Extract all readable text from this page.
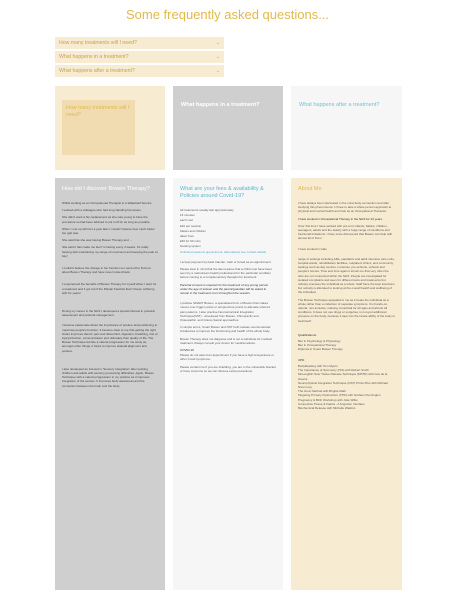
Some frequently asked questions...
How many treatments will I need?	⌄
What happens in a treatment?	⌄
What happens after a treatment?	⌄
How many treatments will I need?
What happens in a treatment?	What happens after a treatment?
How did I discover Bowen Therapy?

Whilst working as an Occupational Therapist in a Wakefield Service

I worked with a colleague who had long standing hip issues.

She didn't want a hip replacement as she was young to have the procedure so had been advised to put it off for as long as possible.

When I met up with her a year later I couldn't believe how much better her gait was.

She said that she was having Bowen Therapy and ...

She said it has made me feel I'm having every 4 weeks. It's really helping with maintaining my range of movement and keeping the pain at bay!

I couldn't believe the change in her function so I went off to find out about Bowen Therapy and have never looked back.

I experienced the benefits of Bowen Therapy for myself when I went for a treatment and it got rid of the Plantar Fasciitis that I'd been suffering with for years!

During my career in the NHS I developed a special interest in postural assessment and postural management.

I became passionate about the importance of posture and positioning to maximise people's function. It became clear to me that getting the right chairs improves clients' pain and discomfort, digestion, breathing, risk of injury/infection, communication and ultimately their quality of life. The Bowen Technique felt like a natural progression for me study as, amongst other things, it helps to improve skeletal alignment and posture.

I also developed an interest in 'Sensory Integration' after working children and adults with sensory processing difficulties. Again, Bowen Technique with a natural progression in my practice as it improves integration of the senses. It improves body awareness and the connection between the brain and the body.

What are your fees & availability & Policies around Covid-19?

All treatments usually last approximately

15 minutes

each cost

£40 per session

babies and children

taken from

£60 for 90 mins

booking system

Unlimited sessions appointment. Alternatively see contact details

I accept payment by bank transfer, cash or bowel as an appointment.

Please bear in mind that the law requires that a child must have been seen by a mainstream health professional for the particular condition before coming to a complementary therapist for treatment.

Parental consent is required for the treatment of any young person under the age of sixteen and the parent/guardian will be asked to remain in the treatment room throughout the session.

I practise SMART Bowen, a specialised form of Bowen that makes moves over trigger points or acupuncture points to alleviate referred pain patterns. I also practise Neurostructural Integration Technique(NST) - developed from Bowen, Chiropractic and Osteopathic, and Cranio-Sacral approaches.

In simple terms, Smart Bowen and NST both release neuromuscular imbalances to improve the functioning and health of the whole body.

Bowen Therapy does not diagnose and is not a substitute for medical treatment. Always consult your doctor for medical advice.

COVID-19

Please do not attend an appointment if you have a high temperature or other Covid symptoms.

Please contact me if you are shielding, you are in the vulnerable bracket or have concerns so we can discuss extra precautions.

About Me

I have always been fascinated in the mind-body connection and after studying this phenomenon I chose to take a whole person approach to physical and mental health and train as an Occupational Therapist.

I have worked in Occupational Therapy in the NHS for 24 years.

Over this time I have worked with pre-term infants, babies, children, teenagers, adults and the elderly with a huge range of conditions and functional limitations. I have since discovered that Bowen can help with almost all of them.

I have worked in wide

range of settings including A&E, paediatric and adult intensive care units, hospital wards, rehabilitation facilities, outpatient clinics, and community settings such as day centres, nurseries, pre-schools, schools and people's homes. Time and time again it struck me that very often the dots are not connected within the NHS. People are investigated for isolated complaints and seen for different tests and treatments but nobody oversees the individual as a whole. Staff have the best intentions but nobody is allocated to looking at the overall health and wellbeing of the individual.

The Bowen Technique appealed to me as it treats the individual as a whole rather than a collection of separate symptoms. It is hands-on, natural, non-invasive, relaxing, beneficial for all ages and almost all conditions. It does not use drugs or surgeries, is non-put additional pressure on the body, because it taps into the innate ability of the body to heal itself.

Qualifications:

Bsc in Psychology & Physiology
Bsc in Occupational Therapy
Diploma in Smart Bowen Therapy

CPD

BodyReading with Tom Myers
The Importance of Symmetry (ISS) with Robert Smith
McLoughlin Scar Tissue Release Technique (MSTR) with Gus de la Guerra
Neurophysical Integration Technique (NST) Prints Plus with Michael Nixon-Livy
The Gunn Method with Brigitte Mark
Targeting Primary Dysfunction (TPD) with Graham Pennington
Pregnancy & Birth Workshop with Julie Wilks
Connective Tissue & Fascia - A forgotten Interface
Biochemical Release with Michelle Watkins
